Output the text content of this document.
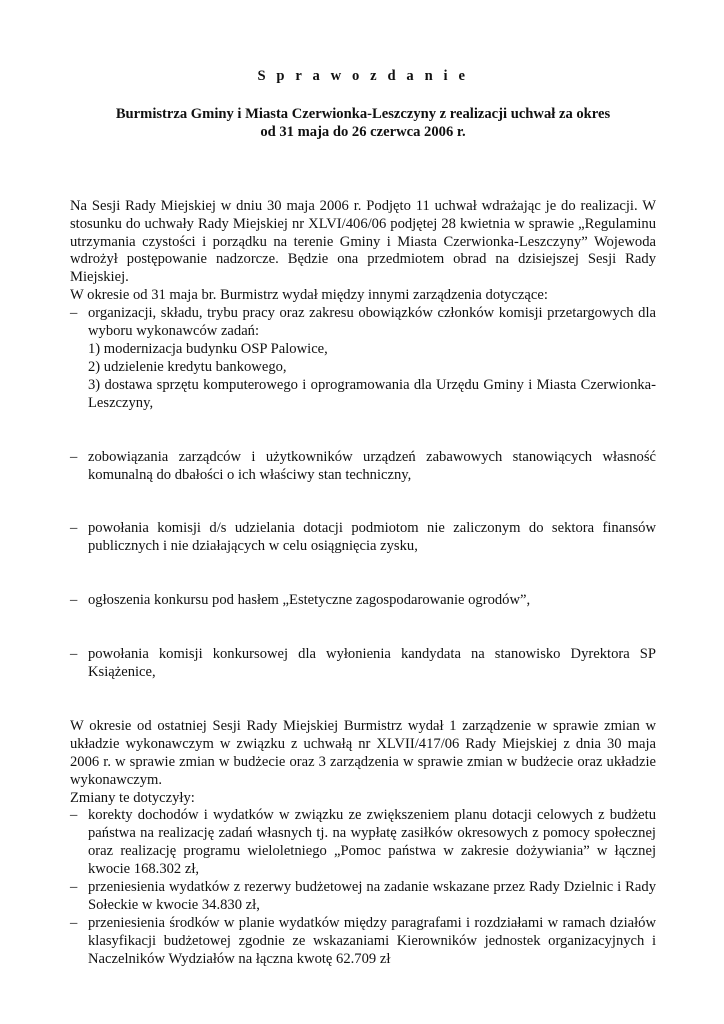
S p r a w o z d a n i e
Burmistrza Gminy i Miasta Czerwionka-Leszczyny z realizacji uchwał za okres
od 31 maja do 26 czerwca 2006 r.

Na Sesji Rady Miejskiej w dniu 30 maja 2006 r. Podjęto 11 uchwał wdrażając je do realizacji. W stosunku do uchwały Rady Miejskiej nr XLVI/406/06 podjętej 28 kwietnia w sprawie „Regulaminu utrzymania czystości i porządku na terenie Gminy i Miasta Czerwionka-Leszczyny” Wojewoda wdrożył postępowanie nadzorcze. Będzie ona przedmiotem obrad na dzisiejszej Sesji Rady Miejskiej.

W okresie od 31 maja br. Burmistrz wydał między innymi zarządzenia dotyczące:

– organizacji, składu, trybu pracy oraz zakresu obowiązków członków komisji przetargowych dla wyboru wykonawców zadań:
1) modernizacja budynku OSP Palowice,
2) udzielenie kredytu bankowego,
3) dostawa sprzętu komputerowego i oprogramowania dla Urzędu Gminy i Miasta Czerwionka-Leszczyny,
– zobowiązania zarządców i użytkowników urządzeń zabawowych stanowiących własność komunalną do dbałości o ich właściwy stan techniczny,
– powołania komisji d/s udzielania dotacji podmiotom nie zaliczonym do sektora finansów publicznych i nie działających w celu osiągnięcia zysku,
– ogłoszenia konkursu pod hasłem „Estetyczne zagospodarowanie ogrodów”,
– powołania komisji konkursowej dla wyłonienia kandydata na stanowisko Dyrektora SP Książenice,

W okresie od ostatniej Sesji Rady Miejskiej Burmistrz wydał 1 zarządzenie w sprawie zmian w układzie wykonawczym w związku z uchwałą nr XLVII/417/06 Rady Miejskiej z dnia 30 maja 2006 r. w sprawie zmian w budżecie oraz 3 zarządzenia w sprawie zmian w budżecie oraz układzie wykonawczym.

Zmiany te dotyczyły:

– korekty dochodów i wydatków w związku ze zwiększeniem planu dotacji celowych z budżetu państwa na realizację zadań własnych tj. na wypłatę zasiłków okresowych z pomocy społecznej oraz realizację programu wieloletniego „Pomoc państwa w zakresie dożywiania” w łącznej kwocie 168.302 zł,
– przeniesienia wydatków z rezerwy budżetowej na zadanie wskazane przez Rady Dzielnic i Rady Sołeckie w kwocie 34.830 zł,
– przeniesienia środków w planie wydatków między paragrafami i rozdziałami w ramach działów klasyfikacji budżetowej zgodnie ze wskazaniami Kierowników jednostek organizacyjnych i Naczelników Wydziałów na łączna kwotę 62.709 zł
